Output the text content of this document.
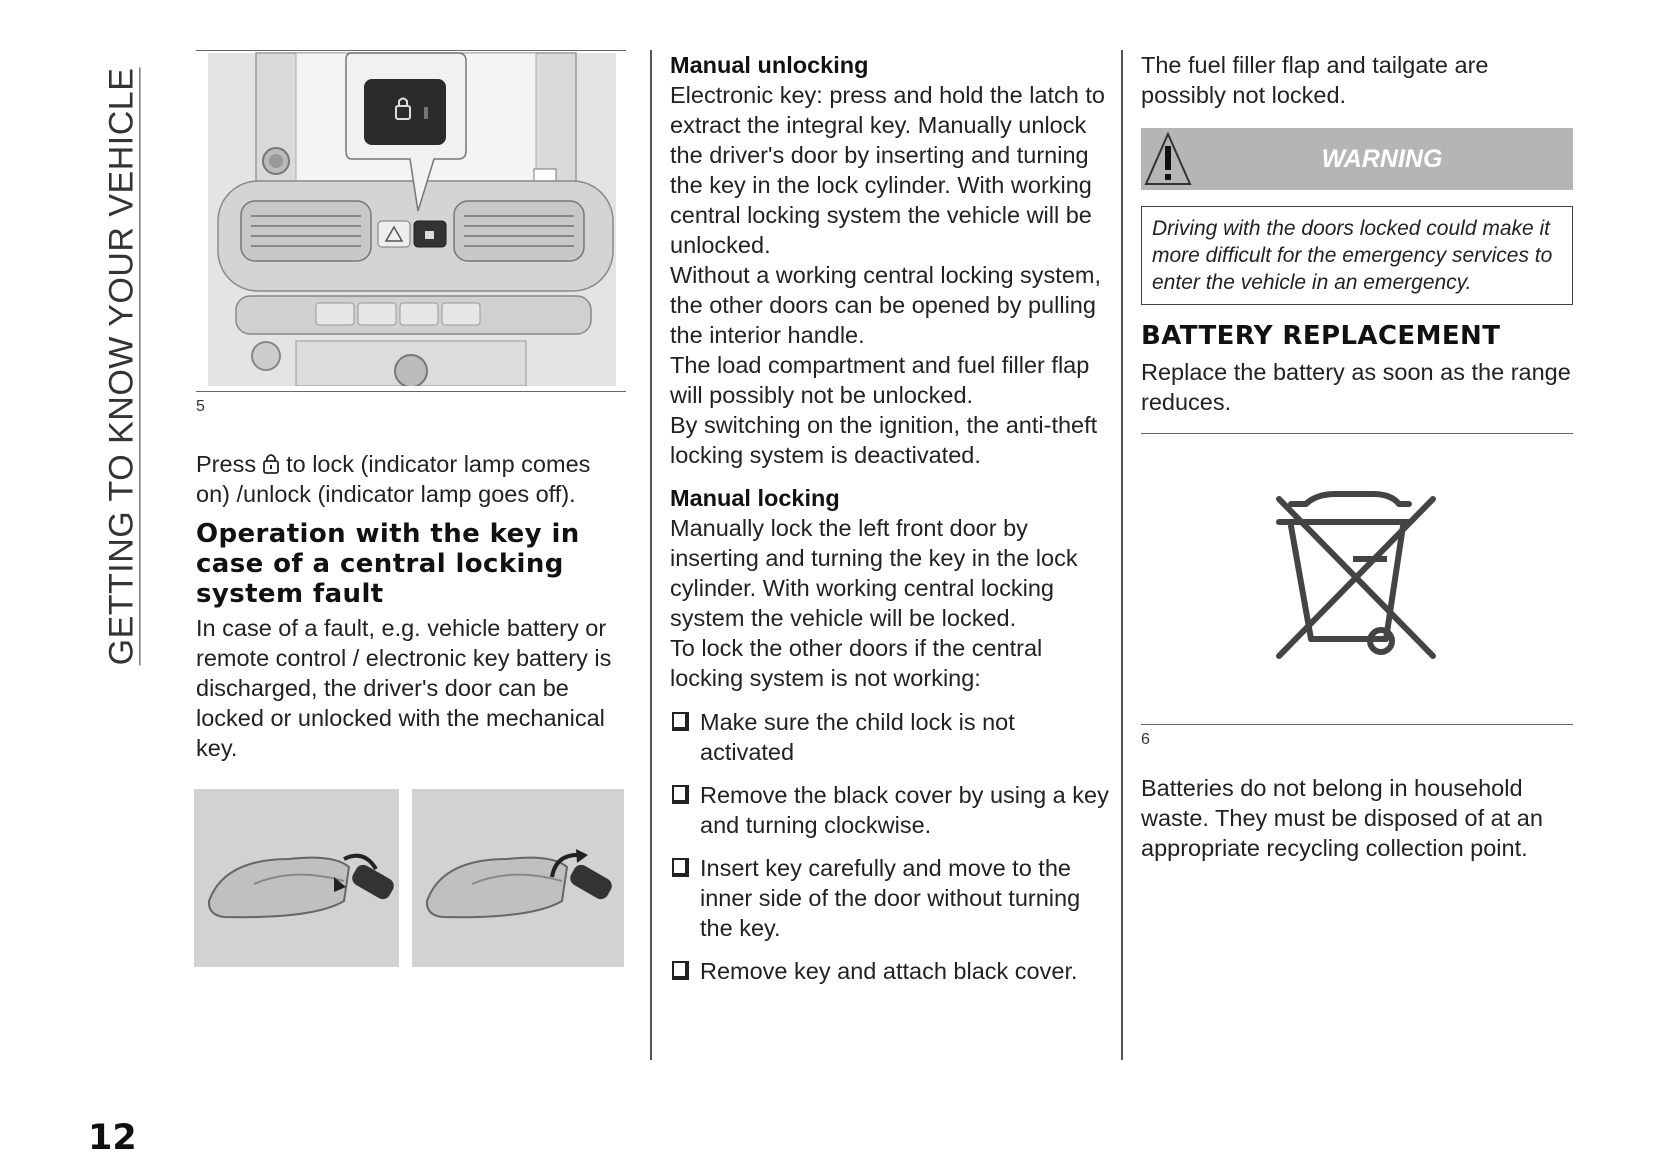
GETTING TO KNOW YOUR VEHICLE
12
5

Press to lock (indicator lamp comes on) /unlock (indicator lamp goes off).

Operation with the key in case of a central locking system fault

In case of a fault, e.g. vehicle battery or remote control / electronic key battery is discharged, the driver's door can be locked or unlocked with the mechanical key.

Manual unlocking

Electronic key: press and hold the latch to extract the integral key. Manually unlock the driver's door by inserting and turning the key in the lock cylinder. With working central locking system the vehicle will be unlocked.

Without a working central locking system, the other doors can be opened by pulling the interior handle.

The load compartment and fuel filler flap will possibly not be unlocked.

By switching on the ignition, the anti-theft locking system is deactivated.

Manual locking

Manually lock the left front door by inserting and turning the key in the lock cylinder. With working central locking system the vehicle will be locked.

To lock the other doors if the central locking system is not working:

Make sure the child lock is not activated
Remove the black cover by using a key and turning clockwise.
Insert key carefully and move to the inner side of the door without turning the key.
Remove key and attach black cover.

The fuel filler flap and tailgate are possibly not locked.

WARNING

Driving with the doors locked could make it more difficult for the emergency services to enter the vehicle in an emergency.

BATTERY REPLACEMENT

Replace the battery as soon as the range reduces.

6

Batteries do not belong in household waste. They must be disposed of at an appropriate recycling collection point.
